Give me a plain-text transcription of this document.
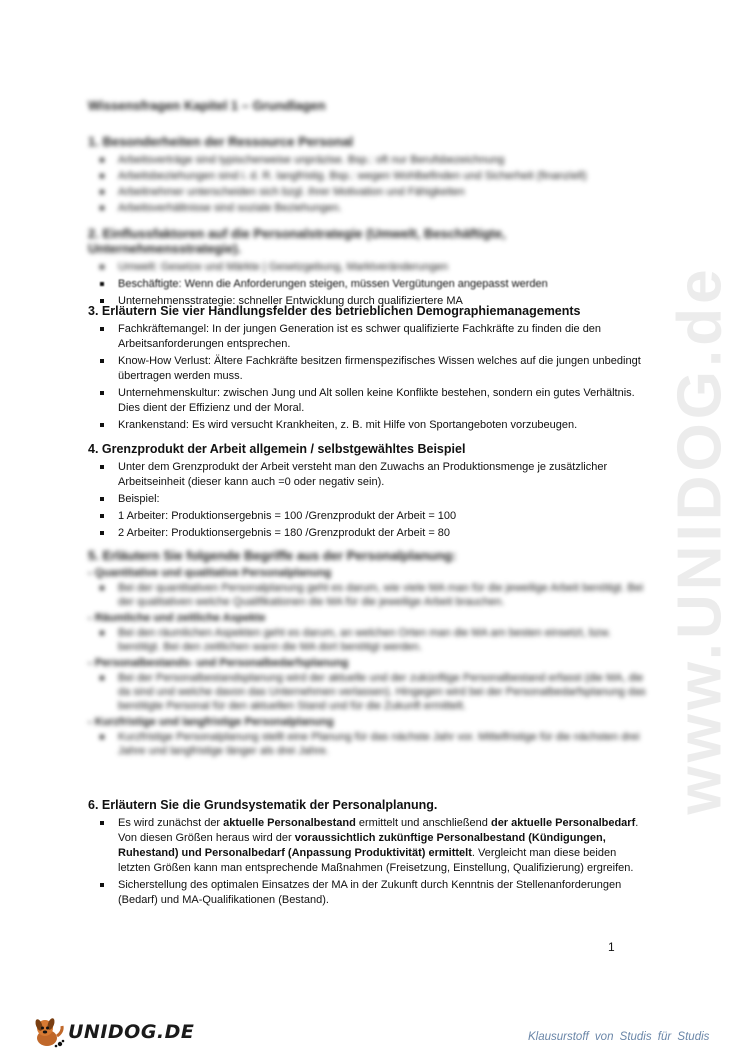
www.UNIDOG.de
Wissensfragen Kapitel 1 – Grundlagen
1. Besonderheiten der Ressource Personal
Arbeitsverträge sind typischerweise unpräzise. Bsp.: oft nur Berufsbezeichnung
Arbeitsbeziehungen sind i. d. R. langfristig. Bsp.: wegen Wohlbefinden und Sicherheit (finanziell)
Arbeitnehmer unterscheiden sich bzgl. ihrer Motivation und Fähigkeiten
Arbeitsverhältnisse sind soziale Beziehungen.
2. Einflussfaktoren auf die Personalstrategie (Umwelt, Beschäftigte, Unternehmensstrategie).
Umwelt: Gesetze und Märkte | Gesetzgebung, Marktveränderungen
Beschäftigte: Wenn die Anforderungen steigen, müssen Vergütungen angepasst werden
Unternehmensstrategie: schneller Entwicklung durch qualifiziertere MA
3. Erläutern Sie vier Handlungsfelder des betrieblichen Demographiemanagements
Fachkräftemangel: In der jungen Generation ist es schwer qualifizierte Fachkräfte zu finden die den Arbeitsanforderungen entsprechen.
Know-How Verlust: Ältere Fachkräfte besitzen firmenspezifisches Wissen welches auf die jungen unbedingt übertragen werden muss.
Unternehmenskultur: zwischen Jung und Alt sollen keine Konflikte bestehen, sondern ein gutes Verhältnis. Dies dient der Effizienz und der Moral.
Krankenstand: Es wird versucht Krankheiten, z. B. mit Hilfe von Sportangeboten vorzubeugen.
4. Grenzprodukt der Arbeit allgemein / selbstgewähltes Beispiel
Unter dem Grenzprodukt der Arbeit versteht man den Zuwachs an Produktionsmenge je zusätzlicher Arbeitseinheit (dieser kann auch =0 oder negativ sein).
Beispiel:
1 Arbeiter: Produktionsergebnis = 100 /Grenzprodukt der Arbeit = 100
2 Arbeiter: Produktionsergebnis = 180 /Grenzprodukt der Arbeit = 80
5. Erläutern Sie folgende Begriffe aus der Personalplanung:
- Quantitative und qualitative Personalplanung
Bei der quantitativen Personalplanung geht es darum, wie viele MA man für die jeweilige Arbeit benötigt. Bei der qualitativen welche Qualifikationen die MA für die jeweilige Arbeit brauchen.
- Räumliche und zeitliche Aspekte
Bei den räumlichen Aspekten geht es darum, an welchen Orten man die MA am besten einsetzt, bzw. benötigt. Bei den zeitlichen wann die MA dort benötigt werden.
- Personalbestands- und Personalbedarfsplanung
Bei der Personalbestandsplanung wird der aktuelle und der zukünftige Personalbestand erfasst (die MA, die da sind und welche davon das Unternehmen verlassen). Hingegen wird bei der Personalbedarfsplanung das benötigte Personal für den aktuellen Stand und für die Zukunft ermittelt.
- Kurzfristige und langfristige Personalplanung
Kurzfristige Personalplanung stellt eine Planung für das nächste Jahr vor. Mittelfristige für die nächsten drei Jahre und langfristige länger als drei Jahre.
6. Erläutern Sie die Grundsystematik der Personalplanung.
Es wird zunächst der aktuelle Personalbestand ermittelt und anschließend der aktuelle Personalbedarf. Von diesen Größen heraus wird der voraussichtlich zukünftige Personalbestand (Kündigungen, Ruhestand) und Personalbedarf (Anpassung Produktivität) ermittelt. Vergleicht man diese beiden letzten Größen kann man entsprechende Maßnahmen (Freisetzung, Einstellung, Qualifizierung) ergreifen.
Sicherstellung des optimalen Einsatzes der MA in der Zukunft durch Kenntnis der Stellenanforderungen (Bedarf) und MA-Qualifikationen (Bestand).
1
UNIDOG.DE	Klausurstoff von Studis für Studis
